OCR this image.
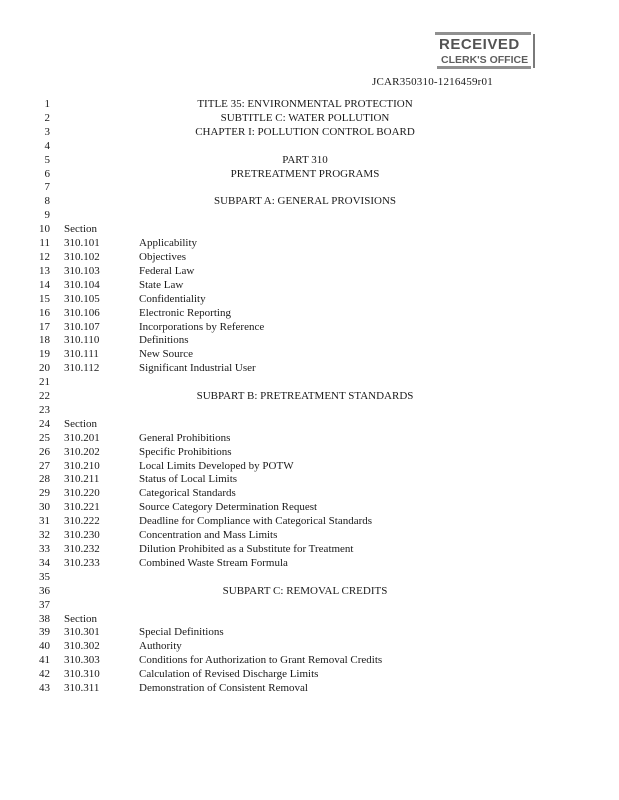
RECEIVED
CLERK'S OFFICE
JCAR350310-1216459r01
1	TITLE 35: ENVIRONMENTAL PROTECTION
2	SUBTITLE C: WATER POLLUTION
3	CHAPTER I: POLLUTION CONTROL BOARD
4
5	PART 310
6	PRETREATMENT PROGRAMS
7
8	SUBPART A: GENERAL PROVISIONS
9
10 Section
11 310.101	Applicability
12 310.102	Objectives
13 310.103	Federal Law
14 310.104	State Law
15 310.105	Confidentiality
16 310.106	Electronic Reporting
17 310.107	Incorporations by Reference
18 310.110	Definitions
19 310.111	New Source
20 310.112	Significant Industrial User
21
22	SUBPART B: PRETREATMENT STANDARDS
23
24 Section
25 310.201	General Prohibitions
26 310.202	Specific Prohibitions
27 310.210	Local Limits Developed by POTW
28 310.211	Status of Local Limits
29 310.220	Categorical Standards
30 310.221	Source Category Determination Request
31 310.222	Deadline for Compliance with Categorical Standards
32 310.230	Concentration and Mass Limits
33 310.232	Dilution Prohibited as a Substitute for Treatment
34 310.233	Combined Waste Stream Formula
35
36	SUBPART C: REMOVAL CREDITS
37
38 Section
39 310.301	Special Definitions
40 310.302	Authority
41 310.303	Conditions for Authorization to Grant Removal Credits
42 310.310	Calculation of Revised Discharge Limits
43 310.311	Demonstration of Consistent Removal
